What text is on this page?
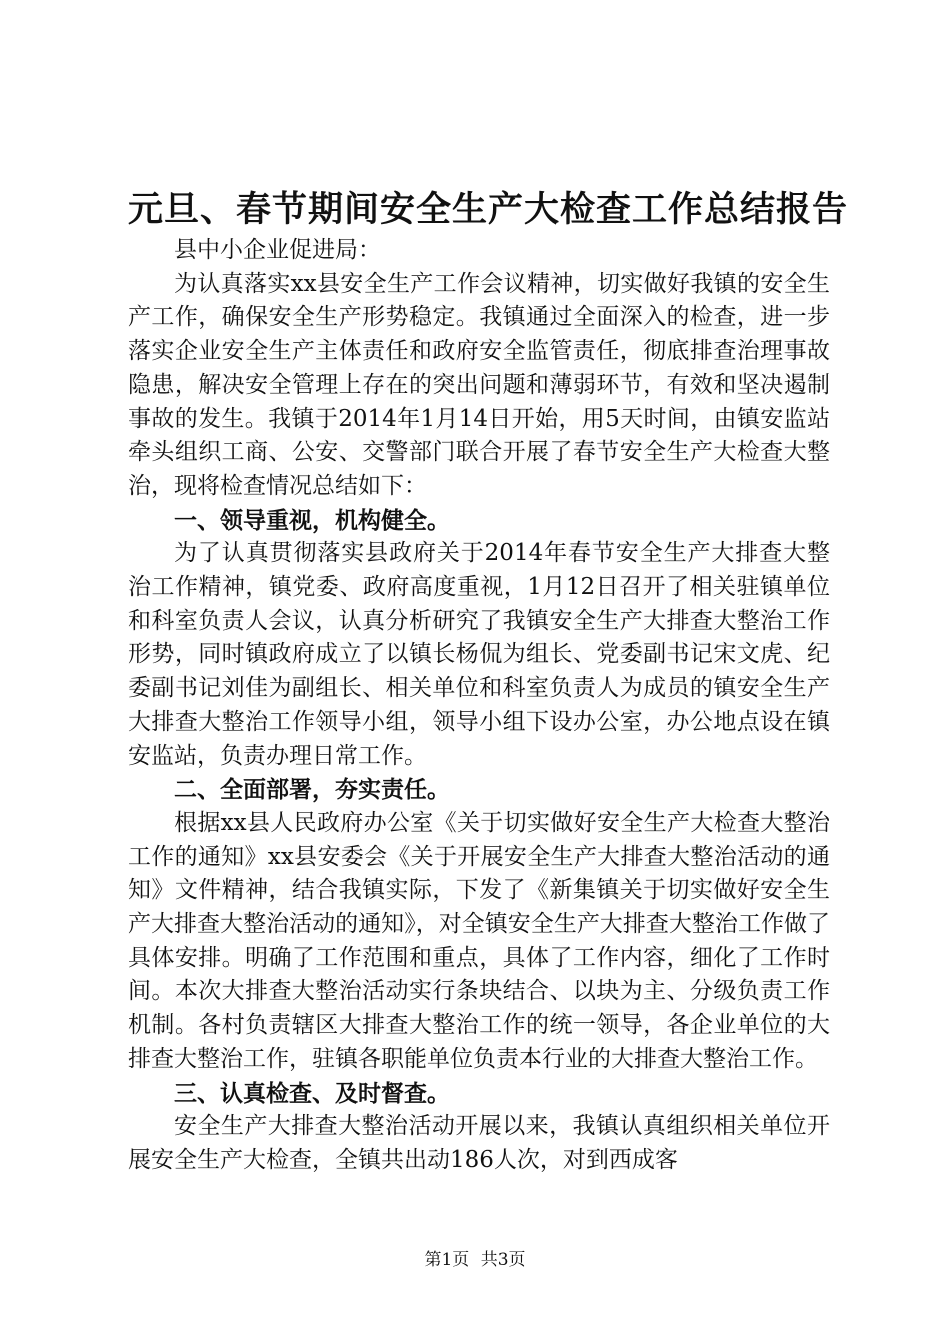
元旦、春节期间安全生产大检查工作总结报告

县中小企业促进局：

为认真落实xx县安全生产工作会议精神，切实做好我镇的安全生产工作，确保安全生产形势稳定。我镇通过全面深入的检查，进一步落实企业安全生产主体责任和政府安全监管责任，彻底排查治理事故隐患，解决安全管理上存在的突出问题和薄弱环节，有效和坚决遏制事故的发生。我镇于2014年1月14日开始，用5天时间，由镇安监站牵头组织工商、公安、交警部门联合开展了春节安全生产大检查大整治，现将检查情况总结如下：

一、领导重视，机构健全。

为了认真贯彻落实县政府关于2014年春节安全生产大排查大整治工作精神，镇党委、政府高度重视，1月12日召开了相关驻镇单位和科室负责人会议，认真分析研究了我镇安全生产大排查大整治工作形势，同时镇政府成立了以镇长杨侃为组长、党委副书记宋文虎、纪委副书记刘佳为副组长、相关单位和科室负责人为成员的镇安全生产大排查大整治工作领导小组，领导小组下设办公室，办公地点设在镇安监站，负责办理日常工作。

二、全面部署，夯实责任。

根据xx县人民政府办公室《关于切实做好安全生产大检查大整治工作的通知》xx县安委会《关于开展安全生产大排查大整治活动的通知》文件精神，结合我镇实际，下发了《新集镇关于切实做好安全生产大排查大整治活动的通知》，对全镇安全生产大排查大整治工作做了具体安排。明确了工作范围和重点，具体了工作内容，细化了工作时间。本次大排查大整治活动实行条块结合、以块为主、分级负责工作机制。各村负责辖区大排查大整治工作的统一领导，各企业单位的大排查大整治工作，驻镇各职能单位负责本行业的大排查大整治工作。

三、认真检查、及时督查。

安全生产大排查大整治活动开展以来，我镇认真组织相关单位开展安全生产大检查，全镇共出动186人次，对到西成客

第1页 共3页
